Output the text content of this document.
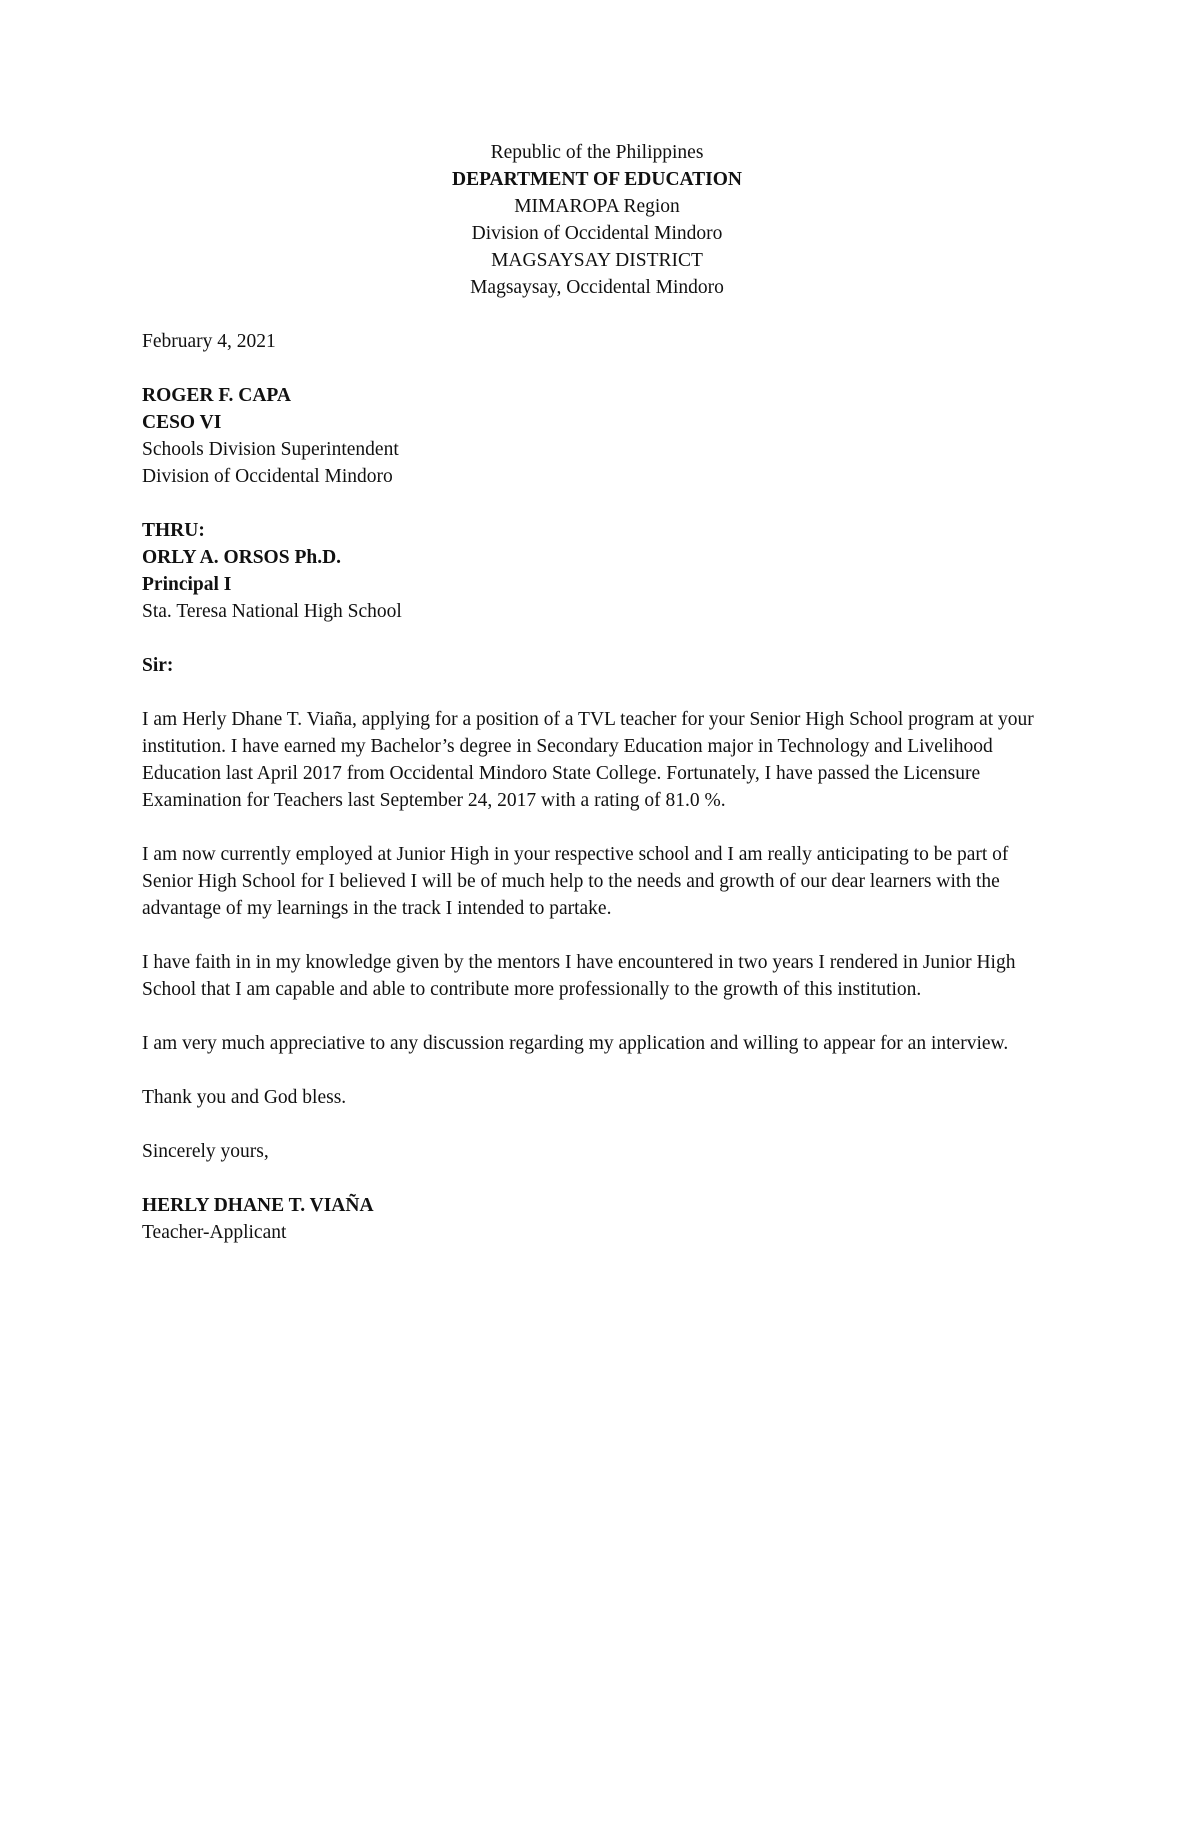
Republic of the Philippines
DEPARTMENT OF EDUCATION
MIMAROPA Region
Division of Occidental Mindoro
MAGSAYSAY DISTRICT
Magsaysay, Occidental Mindoro
February 4, 2021
ROGER F. CAPA
CESO VI
Schools Division Superintendent
Division of Occidental Mindoro
THRU:
ORLY A. ORSOS Ph.D.
Principal I
Sta. Teresa National High School
Sir:

I am Herly Dhane T. Viaña, applying for a position of a TVL teacher for your Senior High School program at your institution. I have earned my Bachelor’s degree in Secondary Education major in Technology and Livelihood Education last April 2017 from Occidental Mindoro State College. Fortunately, I have passed the Licensure Examination for Teachers last September 24, 2017 with a rating of 81.0 %.

I am now currently employed at Junior High in your respective school and I am really anticipating to be part of Senior High School for I believed I will be of much help to the needs and growth of our dear learners with the advantage of my learnings in the track I intended to partake.

I have faith in in my knowledge given by the mentors I have encountered in two years I rendered in Junior High School that I am capable and able to contribute more professionally to the growth of this institution.

I am very much appreciative to any discussion regarding my application and willing to appear for an interview.

Thank you and God bless.

Sincerely yours,
HERLY DHANE T. VIAÑA
Teacher-Applicant
